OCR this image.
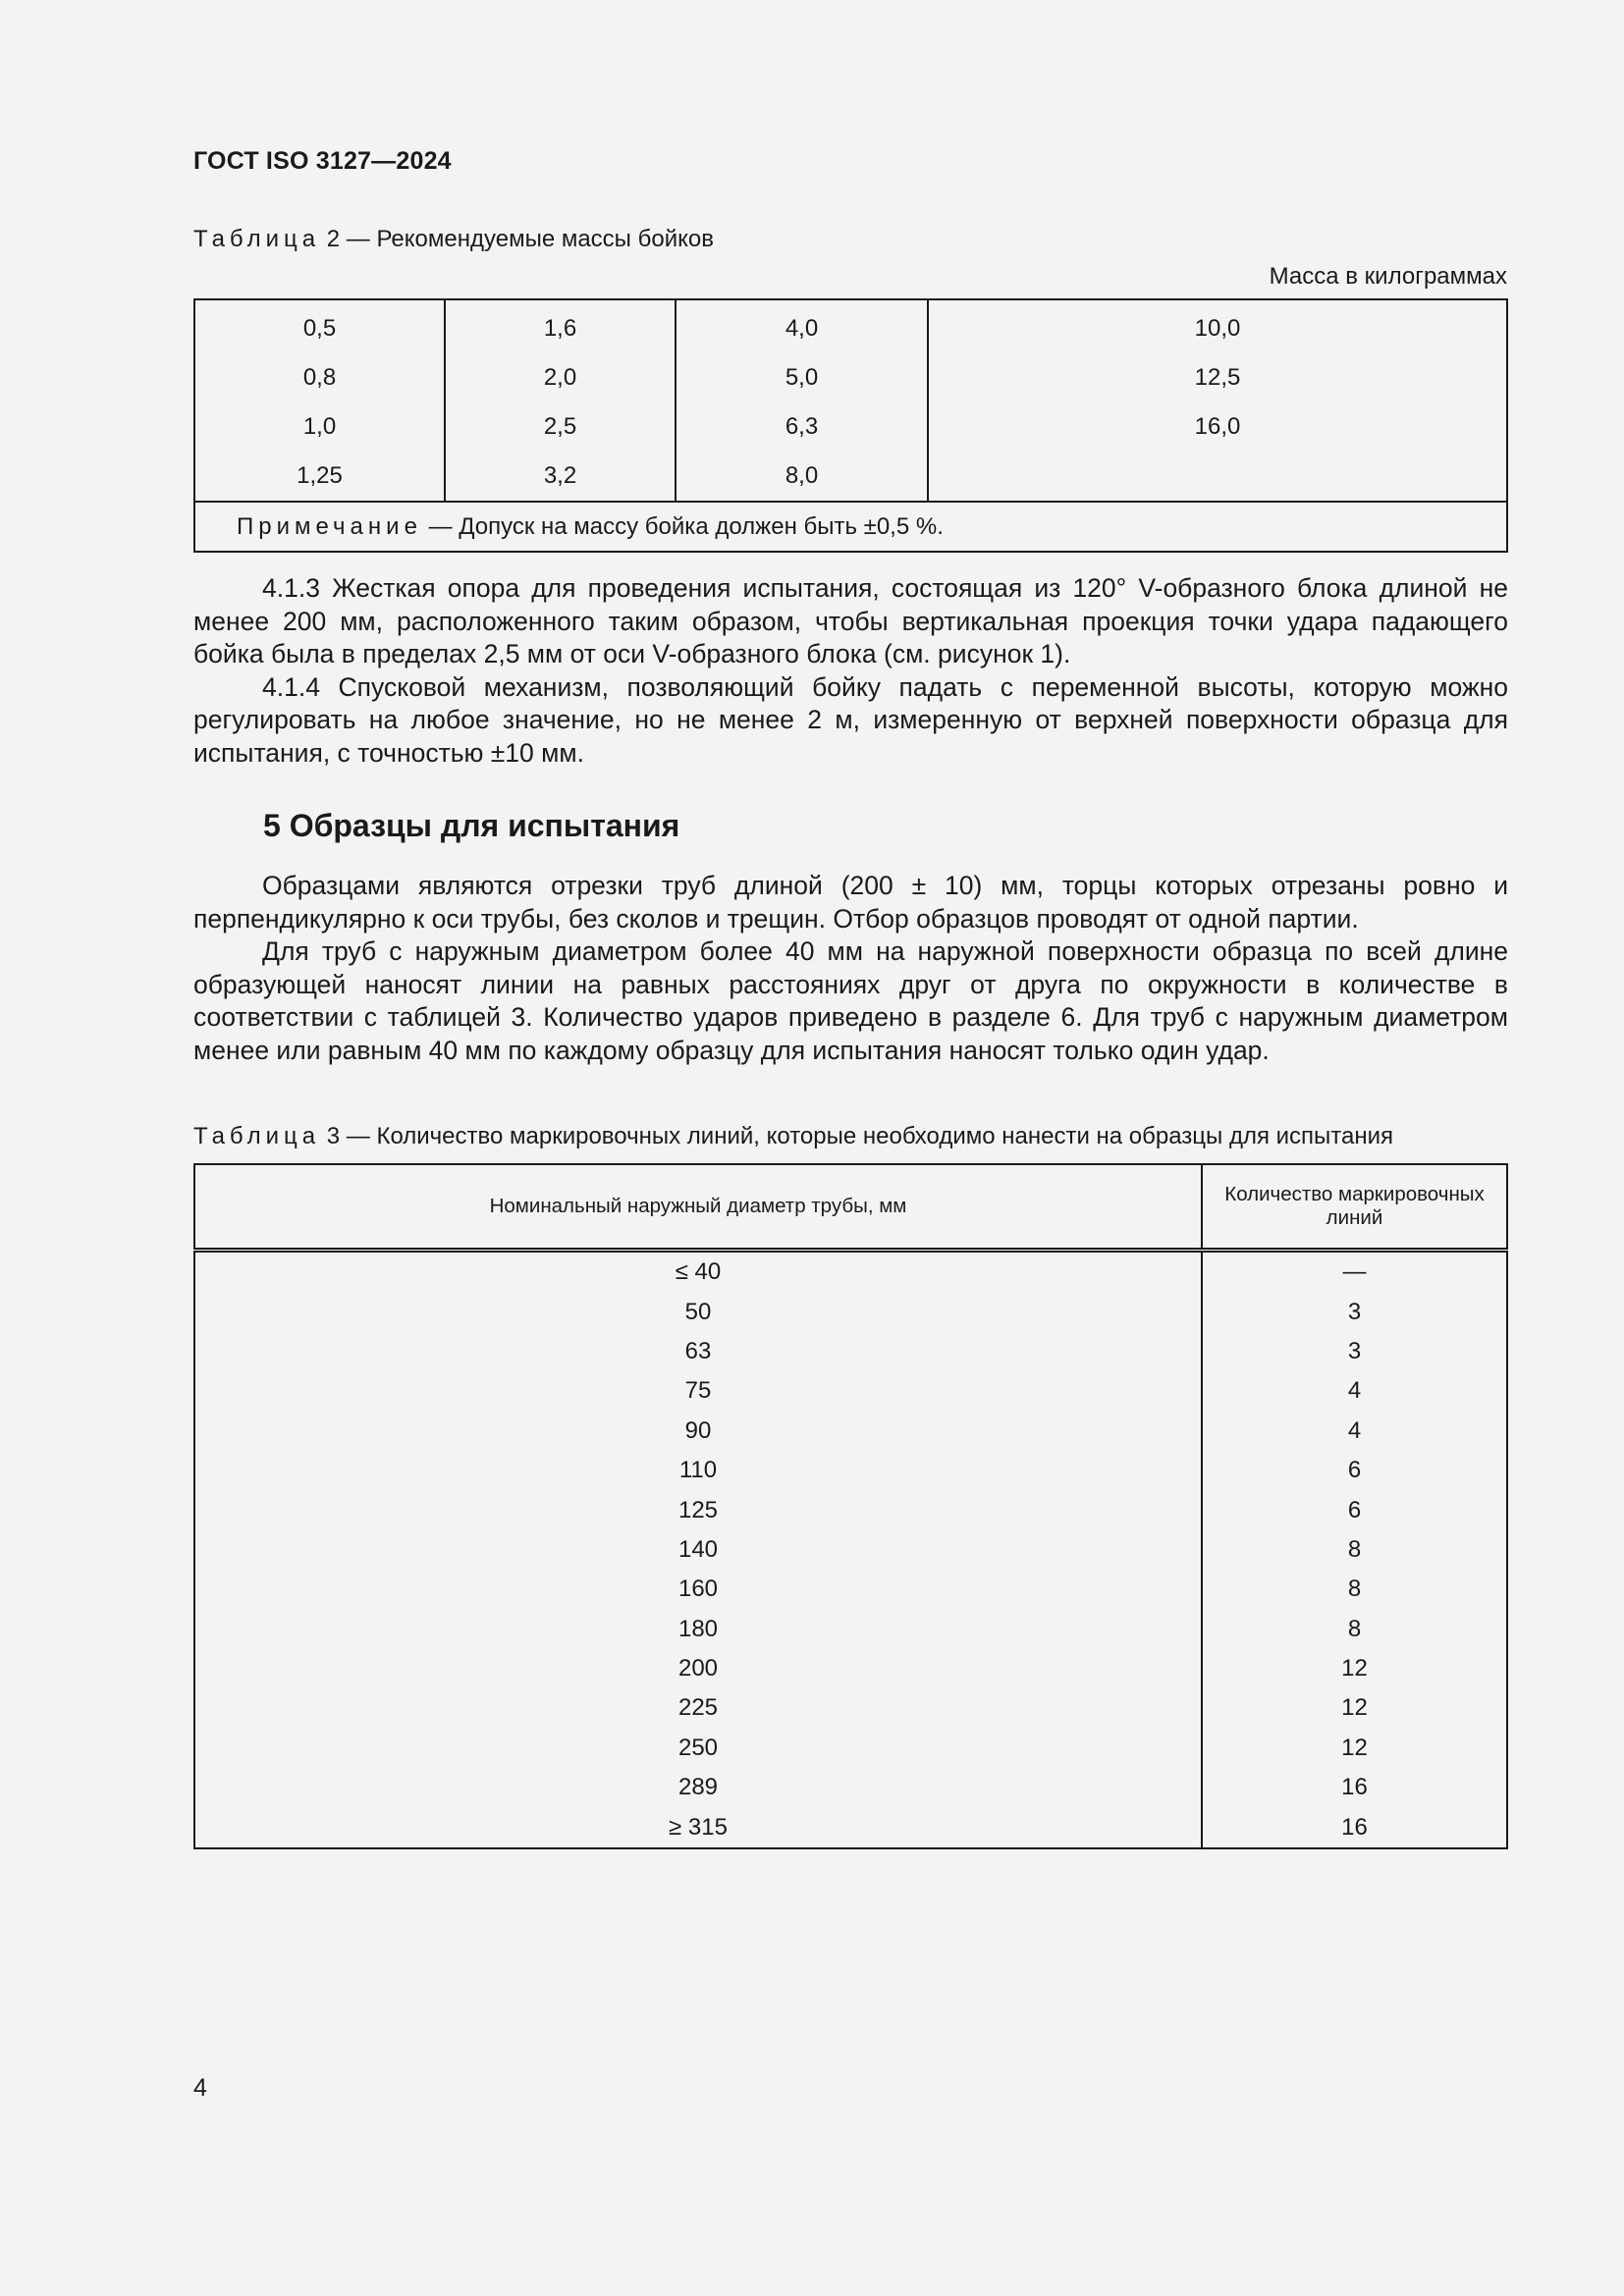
ГОСТ ISO 3127—2024
Таблица 2 — Рекомендуемые массы бойков
Масса в килограммах
0,5	1,6	4,0	10,0
0,8	2,0	5,0	12,5
1,0	2,5	6,3	16,0
1,25	3,2	8,0	
Примечание — Допуск на массу бойка должен быть ±0,5 %.			

4.1.3 Жесткая опора для проведения испытания, состоящая из 120° V-образного блока длиной не менее 200 мм, расположенного таким образом, чтобы вертикальная проекция точки удара падающего бойка была в пределах 2,5 мм от оси V-образного блока (см. рисунок 1).

4.1.4 Спусковой механизм, позволяющий бойку падать с переменной высоты, которую можно регулировать на любое значение, но не менее 2 м, измеренную от верхней поверхности образца для испытания, с точностью ±10 мм.

5 Образцы для испытания

Образцами являются отрезки труб длиной (200 ± 10) мм, торцы которых отрезаны ровно и перпендикулярно к оси трубы, без сколов и трещин. Отбор образцов проводят от одной партии.

Для труб с наружным диаметром более 40 мм на наружной поверхности образца по всей длине образующей наносят линии на равных расстояниях друг от друга по окружности в количестве в соответствии с таблицей 3. Количество ударов приведено в разделе 6. Для труб с наружным диаметром менее или равным 40 мм по каждому образцу для испытания наносят только один удар.

Таблица 3 — Количество маркировочных линий, которые необходимо нанести на образцы для испытания
Номинальный наружный диаметр трубы, мм	Количество маркировочных линий
≤ 40	—
50	3
63	3
75	4
90	4
110	6
125	6
140	8
160	8
180	8
200	12
225	12
250	12
289	16
≥ 315	16
4
